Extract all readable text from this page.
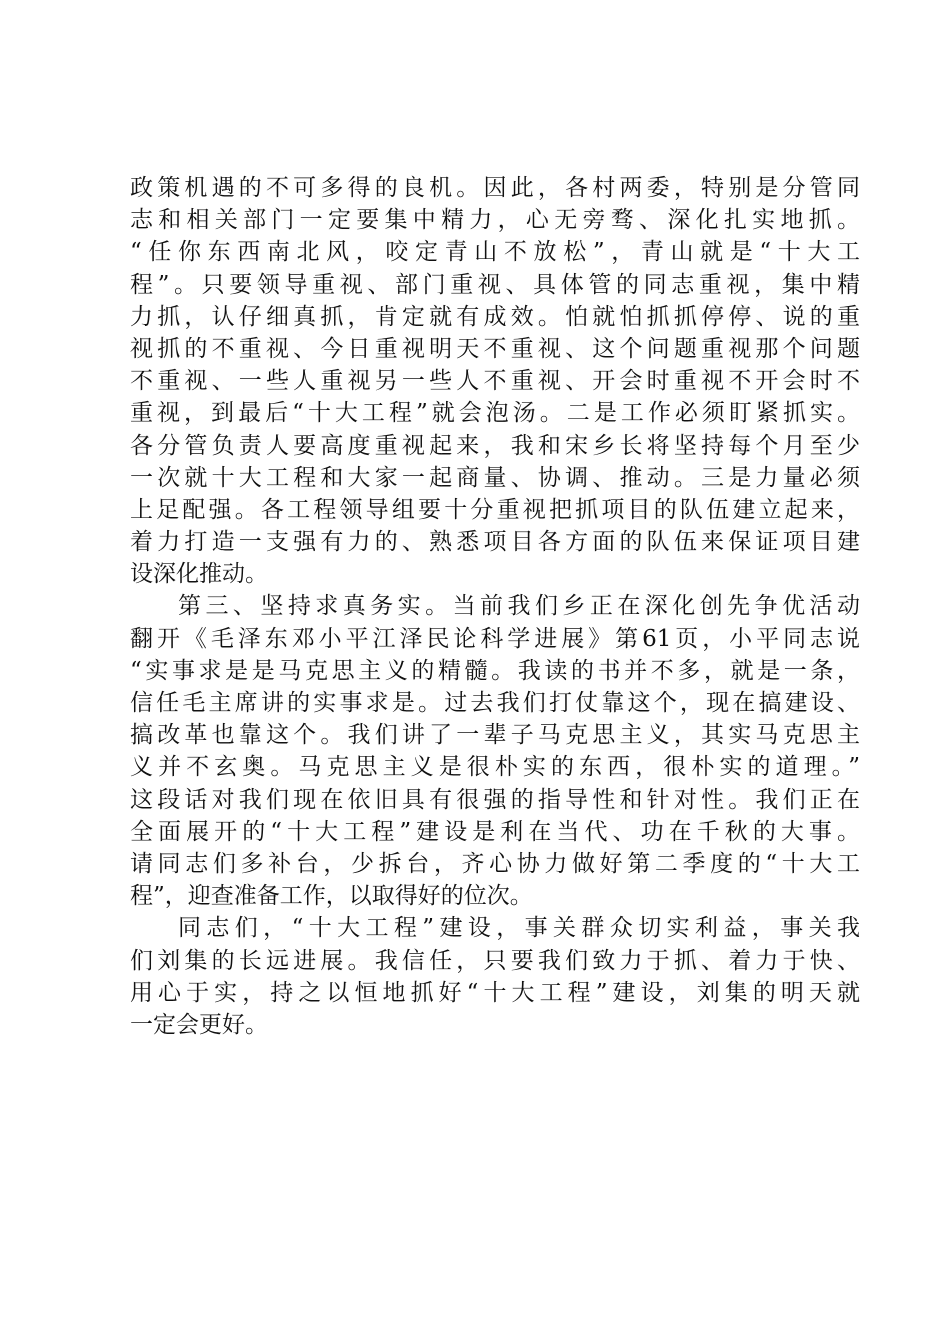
政策机遇的不可多得的良机。因此，各村两委，特别是分管同
志和相关部门一定要集中精力，心无旁骛、深化扎实地抓。
“任你东西南北风，咬定青山不放松”，青山就是“十大工
程”。只要领导重视、部门重视、具体管的同志重视，集中精
力抓，认仔细真抓，肯定就有成效。怕就怕抓抓停停、说的重
视抓的不重视、今日重视明天不重视、这个问题重视那个问题
不重视、一些人重视另一些人不重视、开会时重视不开会时不
重视，到最后“十大工程”就会泡汤。二是工作必须盯紧抓实。
各分管负责人要高度重视起来，我和宋乡长将坚持每个月至少
一次就十大工程和大家一起商量、协调、推动。三是力量必须
上足配强。各工程领导组要十分重视把抓项目的队伍建立起来，
着力打造一支强有力的、熟悉项目各方面的队伍来保证项目建
设深化推动。
第三、坚持求真务实。当前我们乡正在深化创先争优活动
翻开《毛泽东邓小平江泽民论科学进展》第61页，小平同志说
“实事求是是马克思主义的精髓。我读的书并不多，就是一条，
信任毛主席讲的实事求是。过去我们打仗靠这个，现在搞建设、
搞改革也靠这个。我们讲了一辈子马克思主义，其实马克思主
义并不玄奥。马克思主义是很朴实的东西，很朴实的道理。”
这段话对我们现在依旧具有很强的指导性和针对性。我们正在
全面展开的“十大工程”建设是利在当代、功在千秋的大事。
请同志们多补台，少拆台，齐心协力做好第二季度的“十大工
程”，迎查准备工作，以取得好的位次。
同志们，“十大工程”建设，事关群众切实利益，事关我
们刘集的长远进展。我信任，只要我们致力于抓、着力于快、
用心于实，持之以恒地抓好“十大工程”建设，刘集的明天就
一定会更好。
